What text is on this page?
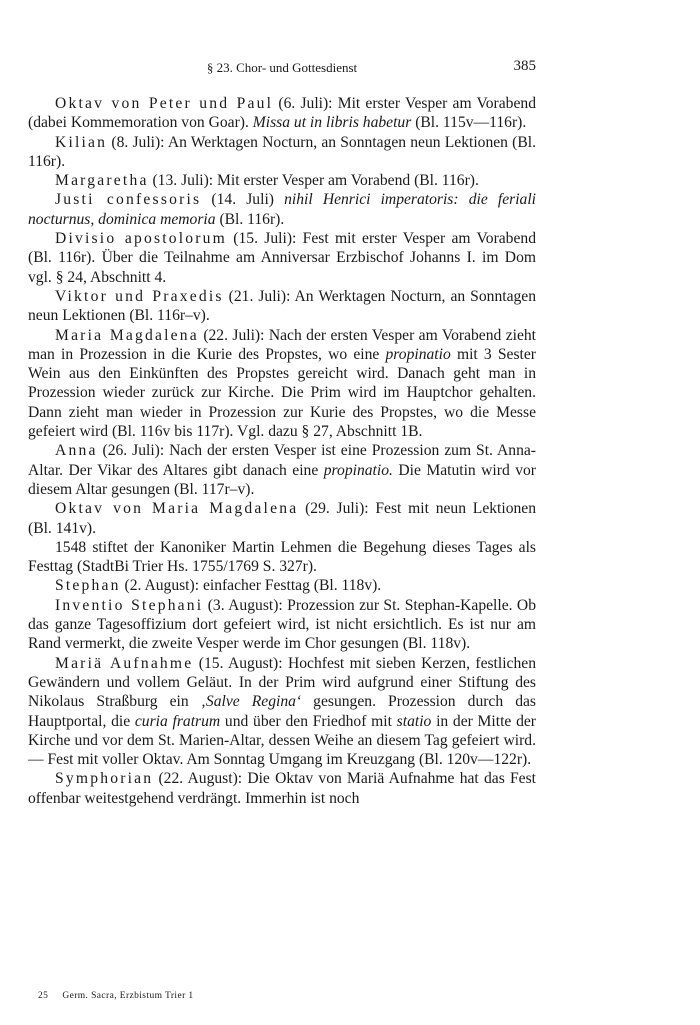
§ 23. Chor- und Gottesdienst	385

Oktav von Peter und Paul (6. Juli): Mit erster Vesper am Vorabend (dabei Kommemoration von Goar). Missa ut in libris habetur (Bl. 115v—116r).

Kilian (8. Juli): An Werktagen Nocturn, an Sonntagen neun Lektionen (Bl. 116r).

Margaretha (13. Juli): Mit erster Vesper am Vorabend (Bl. 116r).

Justi confessoris (14. Juli) nihil Henrici imperatoris: die feriali nocturnus, dominica memoria (Bl. 116r).

Divisio apostolorum (15. Juli): Fest mit erster Vesper am Vorabend (Bl. 116r). Über die Teilnahme am Anniversar Erzbischof Johanns I. im Dom vgl. § 24, Abschnitt 4.

Viktor und Praxedis (21. Juli): An Werktagen Nocturn, an Sonntagen neun Lektionen (Bl. 116r–v).

Maria Magdalena (22. Juli): Nach der ersten Vesper am Vorabend zieht man in Prozession in die Kurie des Propstes, wo eine propinatio mit 3 Sester Wein aus den Einkünften des Propstes gereicht wird. Danach geht man in Prozession wieder zurück zur Kirche. Die Prim wird im Hauptchor gehalten. Dann zieht man wieder in Prozession zur Kurie des Propstes, wo die Messe gefeiert wird (Bl. 116v bis 117r). Vgl. dazu § 27, Abschnitt 1B.

Anna (26. Juli): Nach der ersten Vesper ist eine Prozession zum St. Anna-Altar. Der Vikar des Altares gibt danach eine propinatio. Die Matutin wird vor diesem Altar gesungen (Bl. 117r–v).

Oktav von Maria Magdalena (29. Juli): Fest mit neun Lektionen (Bl. 141v).

1548 stiftet der Kanoniker Martin Lehmen die Begehung dieses Tages als Festtag (StadtBi Trier Hs. 1755/1769 S. 327r).

Stephan (2. August): einfacher Festtag (Bl. 118v).

Inventio Stephani (3. August): Prozession zur St. Stephan-Kapelle. Ob das ganze Tagesoffizium dort gefeiert wird, ist nicht ersichtlich. Es ist nur am Rand vermerkt, die zweite Vesper werde im Chor gesungen (Bl. 118v).

Mariä Aufnahme (15. August): Hochfest mit sieben Kerzen, festlichen Gewändern und vollem Geläut. In der Prim wird aufgrund einer Stiftung des Nikolaus Straßburg ein ‚Salve Regina‘ gesungen. Prozession durch das Hauptportal, die curia fratrum und über den Friedhof mit statio in der Mitte der Kirche und vor dem St. Marien-Altar, dessen Weihe an diesem Tag gefeiert wird. — Fest mit voller Oktav. Am Sonntag Umgang im Kreuzgang (Bl. 120v—122r).

Symphorian (22. August): Die Oktav von Mariä Aufnahme hat das Fest offenbar weitestgehend verdrängt. Immerhin ist noch

25 Germ. Sacra, Erzbistum Trier 1
